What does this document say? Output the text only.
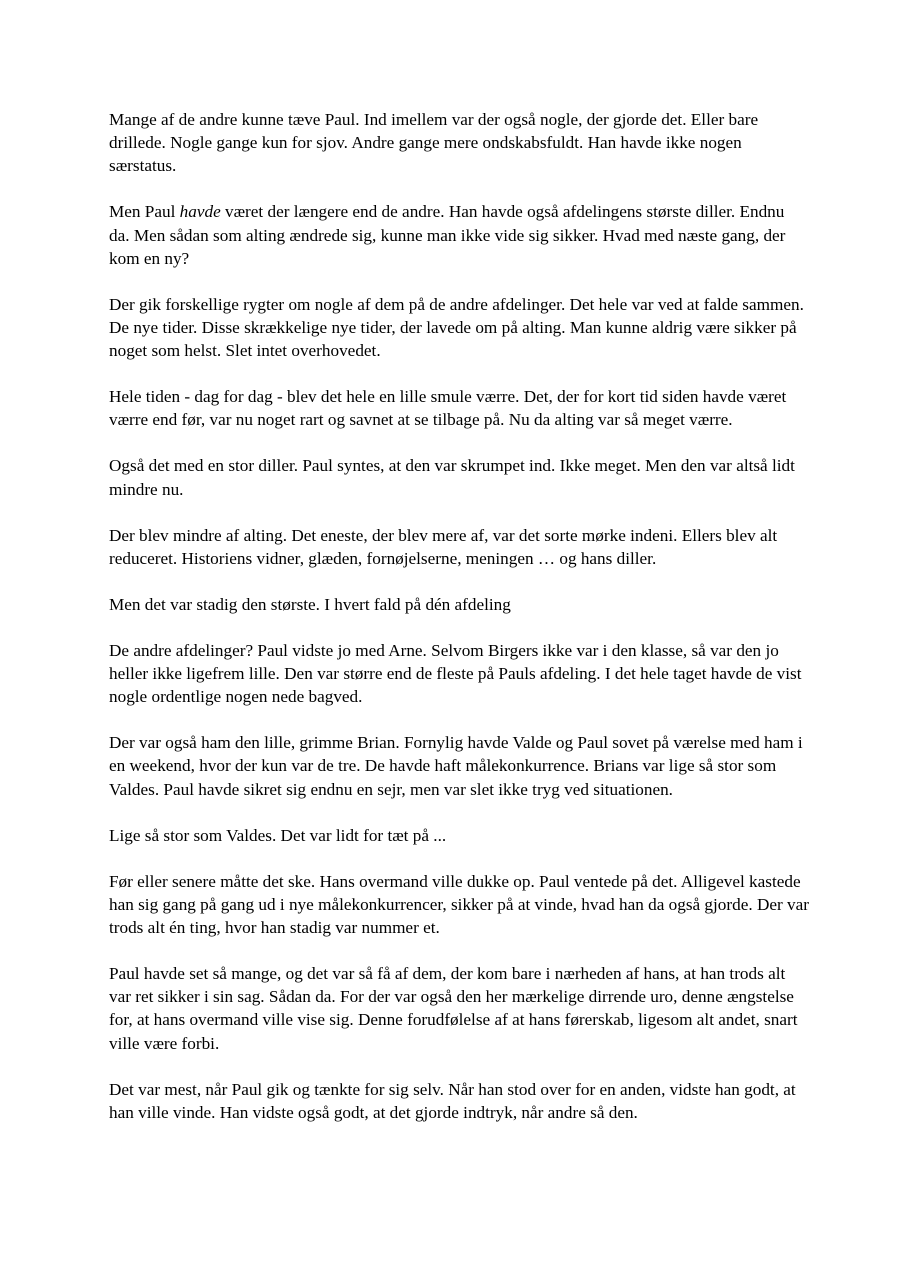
Mange af de andre kunne tæve Paul. Ind imellem var der også nogle, der gjorde det. Eller bare drillede. Nogle gange kun for sjov. Andre gange mere ondskabsfuldt. Han havde ikke nogen særstatus.

Men Paul havde været der længere end de andre. Han havde også afdelingens største diller. Endnu da. Men sådan som alting ændrede sig, kunne man ikke vide sig sikker. Hvad med næste gang, der kom en ny?

Der gik forskellige rygter om nogle af dem på de andre afdelinger. Det hele var ved at falde sammen. De nye tider. Disse skrækkelige nye tider, der lavede om på alting. Man kunne aldrig være sikker på noget som helst. Slet intet overhovedet.

Hele tiden - dag for dag - blev det hele en lille smule værre. Det, der for kort tid siden havde været værre end før, var nu noget rart og savnet at se tilbage på. Nu da alting var så meget værre.

Også det med en stor diller. Paul syntes, at den var skrumpet ind. Ikke meget. Men den var altså lidt mindre nu.

Der blev mindre af alting. Det eneste, der blev mere af, var det sorte mørke indeni. Ellers blev alt reduceret. Historiens vidner, glæden, fornøjelserne, meningen … og hans diller.

Men det var stadig den største. I hvert fald på dén afdeling

De andre afdelinger? Paul vidste jo med Arne. Selvom Birgers ikke var i den klasse, så var den jo heller ikke ligefrem lille. Den var større end de fleste på Pauls afdeling. I det hele taget havde de vist nogle ordentlige nogen nede bagved.

Der var også ham den lille, grimme Brian. Fornylig havde Valde og Paul sovet på værelse med ham i en weekend, hvor der kun var de tre. De havde haft målekonkurrence. Brians var lige så stor som Valdes. Paul havde sikret sig endnu en sejr, men var slet ikke tryg ved situationen.

Lige så stor som Valdes. Det var lidt for tæt på ...

Før eller senere måtte det ske. Hans overmand ville dukke op. Paul ventede på det. Alligevel kastede han sig gang på gang ud i nye målekonkurrencer, sikker på at vinde, hvad han da også gjorde. Der var trods alt én ting, hvor han stadig var nummer et.

Paul havde set så mange, og det var så få af dem, der kom bare i nærheden af hans, at han trods alt var ret sikker i sin sag. Sådan da. For der var også den her mærkelige dirrende uro, denne ængstelse for, at hans overmand ville vise sig. Denne forudfølelse af at hans førerskab, ligesom alt andet, snart ville være forbi.

Det var mest, når Paul gik og tænkte for sig selv. Når han stod over for en anden, vidste han godt, at han ville vinde. Han vidste også godt, at det gjorde indtryk, når andre så den.
